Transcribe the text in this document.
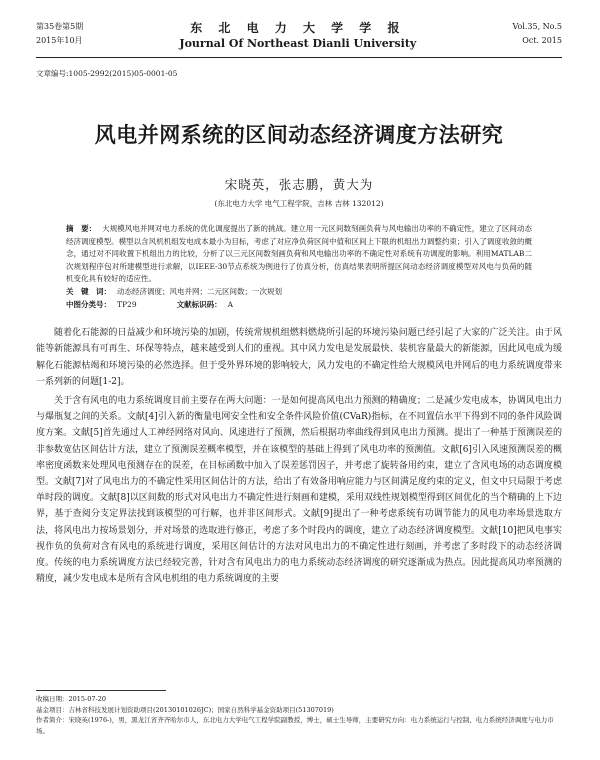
第35卷第5期
2015年10月
东 北 电 力 大 学 学 报
Journal Of Northeast Dianli University
Vol.35, No.5
Oct. 2015
文章编号:1005-2992(2015)05-0001-05
风电并网系统的区间动态经济调度方法研究
宋晓英，张志鹏，黄大为
(东北电力大学 电气工程学院，吉林 吉林 132012)
摘　要： 大规模风电并网对电力系统的优化调度提出了新的挑战。建立用一元区间数刻画负荷与风电输出功率的不确定性，建立了区间动态经济调度模型。模型以含风机机组发电成本最小为目标，考虑了对应净负荷区间中值和区间上下限的机组出力调整约束；引入了调度收敛的概念，通过对不同收置下机组出力的比较，分析了以三元区间数刻画负荷和风电输出功率的不确定性对系统有功调度的影响。利用MATLAB二次规划程序包对所建模型进行求解，以IEEE-30节点系统为例进行了仿真分析，仿真结果表明所提区间动态经济调度模型对风电与负荷的随机变化具有较好的适应性。
关　键　词： 动态经济调度；风电并网；二元区间数；一次规划
中图分类号： TP29	文献标识码： A

随着化石能源的日益减少和环境污染的加剧，传统常规机组燃料燃烧所引起的环境污染问题已经引起了大家的广泛关注。由于风能等新能源具有可再生、环保等特点，越来越受到人们的重视。其中风力发电是发展最快、装机容量最大的新能源，因此风电成为缓解化石能源枯竭和环境污染的必然选择。但于受外界环境的影响较大，风力发电的不确定性给大规模风电并网后的电力系统调度带来一系列新的问题[1-2]。

关于含有风电的电力系统调度目前主要存在两大问题：一是如何提高风电出力预测的精确度；二是减少发电成本，协调风电出力与爆瓶复之间的关系。文献[4]引入新的衡量电网安全性和安全条件风险价值(CVaR)指标，在不同置信水平下得到不同的条件风险调度方案。文献[5]首先通过人工神经网络对风向、风速进行了预测，然后根据功率曲线得到风电出力预测。提出了一种基于预测误差的非参数宽估区间估计方法，建立了预测误差概率模型，并在该模型的基础上得到了风电功率的预测值。文献[6]引入风速预测误差的概率密度函数来处理风电预测存在的误差，在目标函数中加入了误差惩罚因子，并考虑了旋转备用约束，建立了含风电场的动态调度模型。文献[7]对了风电出力的不确定性采用区间估计的方法，给出了有效备用响应能力与区间满足度约束的定义，但文中只局限于考虑单时段的调度。文献[8]以区间数的形式对风电出力不确定性进行刻画和建模，采用双线性规划模型得到区间优化的当个精确的上下边界，基于查阅分支定界法找到该模型的可行解，也并非区间形式。文献[9]提出了一种考虑系统有功调节能力的风电功率场景选取方法，将风电出力按场景划分，并对场景的选取进行修正，考虑了多个时段内的调度，建立了动态经济调度模型。文献[10]把风电事实视作负的负荷对含有风电的系统进行调度，采用区间估计的方法对风电出力的不确定性进行刻画，并考虑了多时段下的动态经济调度。传统的电力系统调度方法已经较完善，针对含有风电出力的电力系统动态经济调度的研究逐渐成为热点。因此提高风功率预测的精度，减少发电成本是所有含风电机组的电力系统调度的主要

收稿日期：2015-07-20
基金项目：吉林省科技发展计划资助项目(20130101026JC)；国家自然科学基金资助项目(51307019)
作者简介：宋晓英(1976-)，男，黑龙江省齐齐哈尔市人，东北电力大学电气工程学院副教授，博士，硕士生导师，主要研究方向：电力系统运行与控制、电力系统经济调度与电力市场。
